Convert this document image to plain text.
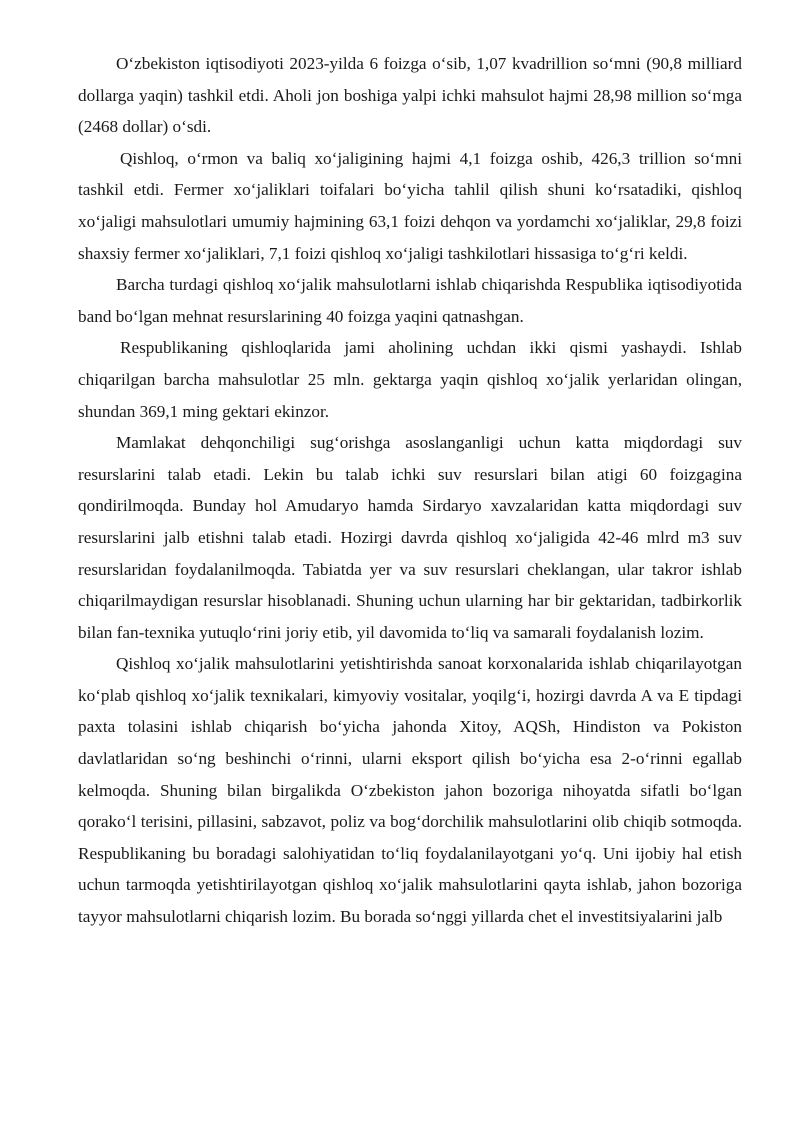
O‘zbekiston iqtisodiyoti 2023-yilda 6 foizga o‘sib, 1,07 kvadrillion so‘mni (90,8 milliard dollarga yaqin) tashkil etdi. Aholi jon boshiga yalpi ichki mahsulot hajmi 28,98 million so‘mga (2468 dollar) o‘sdi.

Qishloq, o‘rmon va baliq xo‘jaligining hajmi 4,1 foizga oshib, 426,3 trillion so‘mni tashkil etdi. Fermer xo‘jaliklari toifalari bo‘yicha tahlil qilish shuni ko‘rsatadiki, qishloq xo‘jaligi mahsulotlari umumiy hajmining 63,1 foizi dehqon va yordamchi xo‘jaliklar, 29,8 foizi shaxsiy fermer xo‘jaliklari, 7,1 foizi qishloq xo‘jaligi tashkilotlari hissasiga to‘g‘ri keldi.

Barcha turdagi qishloq xo‘jalik mahsulotlarni ishlab chiqarishda Respublika iqtisodiyotida band bo‘lgan mehnat resurslarining 40 foizga yaqini qatnashgan.

Respublikaning qishloqlarida jami aholining uchdan ikki qismi yashaydi. Ishlab chiqarilgan barcha mahsulotlar 25 mln. gektarga yaqin qishloq xo‘jalik yerlaridan olingan, shundan 369,1 ming gektari ekinzor.

Mamlakat dehqonchiligi sug‘orishga asoslanganligi uchun katta miqdordagi suv resurslarini talab etadi. Lekin bu talab ichki suv resurslari bilan atigi 60 foizgagina qondirilmoqda. Bunday hol Amudaryo hamda Sirdaryo xavzalaridan katta miqdordagi suv resurslarini jalb etishni talab etadi. Hozirgi davrda qishloq xo‘jaligida 42-46 mlrd m3 suv resurslaridan foydalanilmoqda. Tabiatda yer va suv resurslari cheklangan, ular takror ishlab chiqarilmaydigan resurslar hisoblanadi. Shuning uchun ularning har bir gektaridan, tadbirkorlik bilan fan-texnika yutuqlo‘rini joriy etib, yil davomida to‘liq va samarali foydalanish lozim.

Qishloq xo‘jalik mahsulotlarini yetishtirishda sanoat korxonalarida ishlab chiqarilayotgan ko‘plab qishloq xo‘jalik texnikalari, kimyoviy vositalar, yoqilg‘i, hozirgi davrda A va E tipdagi paxta tolasini ishlab chiqarish bo‘yicha jahonda Xitoy, AQSh, Hindiston va Pokiston davlatlaridan so‘ng beshinchi o‘rinni, ularni eksport qilish bo‘yicha esa 2-o‘rinni egallab kelmoqda. Shuning bilan birgalikda O‘zbekiston jahon bozoriga nihoyatda sifatli bo‘lgan qorako‘l terisini, pillasini, sabzavot, poliz va bog‘dorchilik mahsulotlarini olib chiqib sotmoqda. Respublikaning bu boradagi salohiyatidan to‘liq foydalanilayotgani yo‘q. Uni ijobiy hal etish uchun tarmoqda yetishtirilayotgan qishloq xo‘jalik mahsulotlarini qayta ishlab, jahon bozoriga tayyor mahsulotlarni chiqarish lozim. Bu borada so‘nggi yillarda chet el investitsiyalarini jalb
